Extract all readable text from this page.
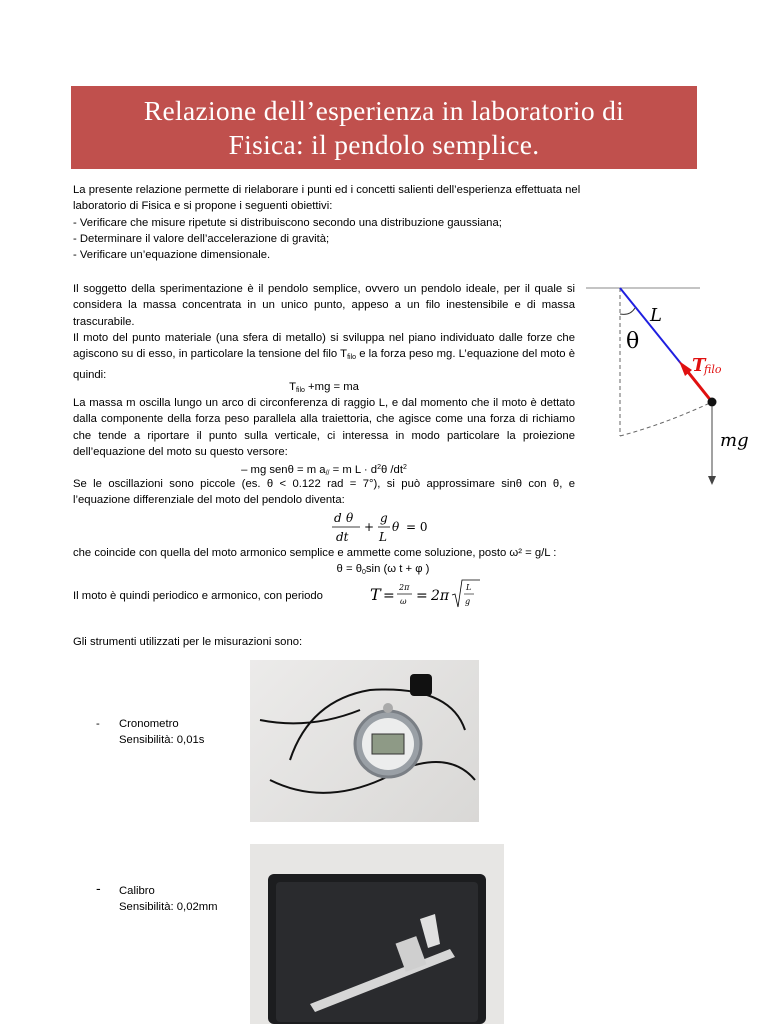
Relazione dell’esperienza in laboratorio di
Fisica: il pendolo semplice.
La presente relazione permette di rielaborare i punti ed i concetti salienti dell’esperienza effettuata nel
laboratorio di Fisica e si propone i seguenti obiettivi:
- Verificare che misure ripetute si distribuiscono secondo una distribuzione gaussiana;
- Determinare il valore dell’accelerazione di gravità;
- Verificare un’equazione dimensionale.
Il soggetto della sperimentazione è il pendolo semplice, ovvero un pendolo ideale, per il quale si considera la massa concentrata in un unico punto, appeso a un filo inestensibile e di massa trascurabile.
Il moto del punto materiale (una sfera di metallo) si sviluppa nel piano individuato dalle forze che agiscono su di esso, in particolare la tensione del filo $T_{filo}$ e la forza peso mg. L’equazione del moto è quindi:
$T_{filo} +mg$ = ma
La massa m oscilla lungo un arco di circonferenza di raggio L, e dal momento che il moto è dettato dalla componente della forza peso parallela alla traiettoria, che agisce come una forza di richiamo che tende a riportare il punto sulla verticale, ci interessa in modo particolare la proiezione dell’equazione del moto su questo versore:
– mg senθ = m $a_{//} = m$ $L \cdot d^2\theta$ $/dt^2$
Se le oscillazioni sono piccole (es. θ < 0.122 rad = 7°), si può approssimare sinθ con θ, e l’equazione differenziale del moto del pendolo diventa:
d θ
dt
+
g
L
θ = 0
che coincide con quella del moto armonico semplice e ammette come soluzione, posto ω² = g/L :
$\theta = \theta_0\sin$ (ω t + φ )
Il moto è quindi periodico e armonico, con periodo	T =
2π
ω = 2π
L
g
Gli strumenti utilizzati per le misurazioni sono:
L
θ
T
filo
mg
- Cronometro
Sensibilità: 0,01s
- Calibro
Sensibilità: 0,02mm
